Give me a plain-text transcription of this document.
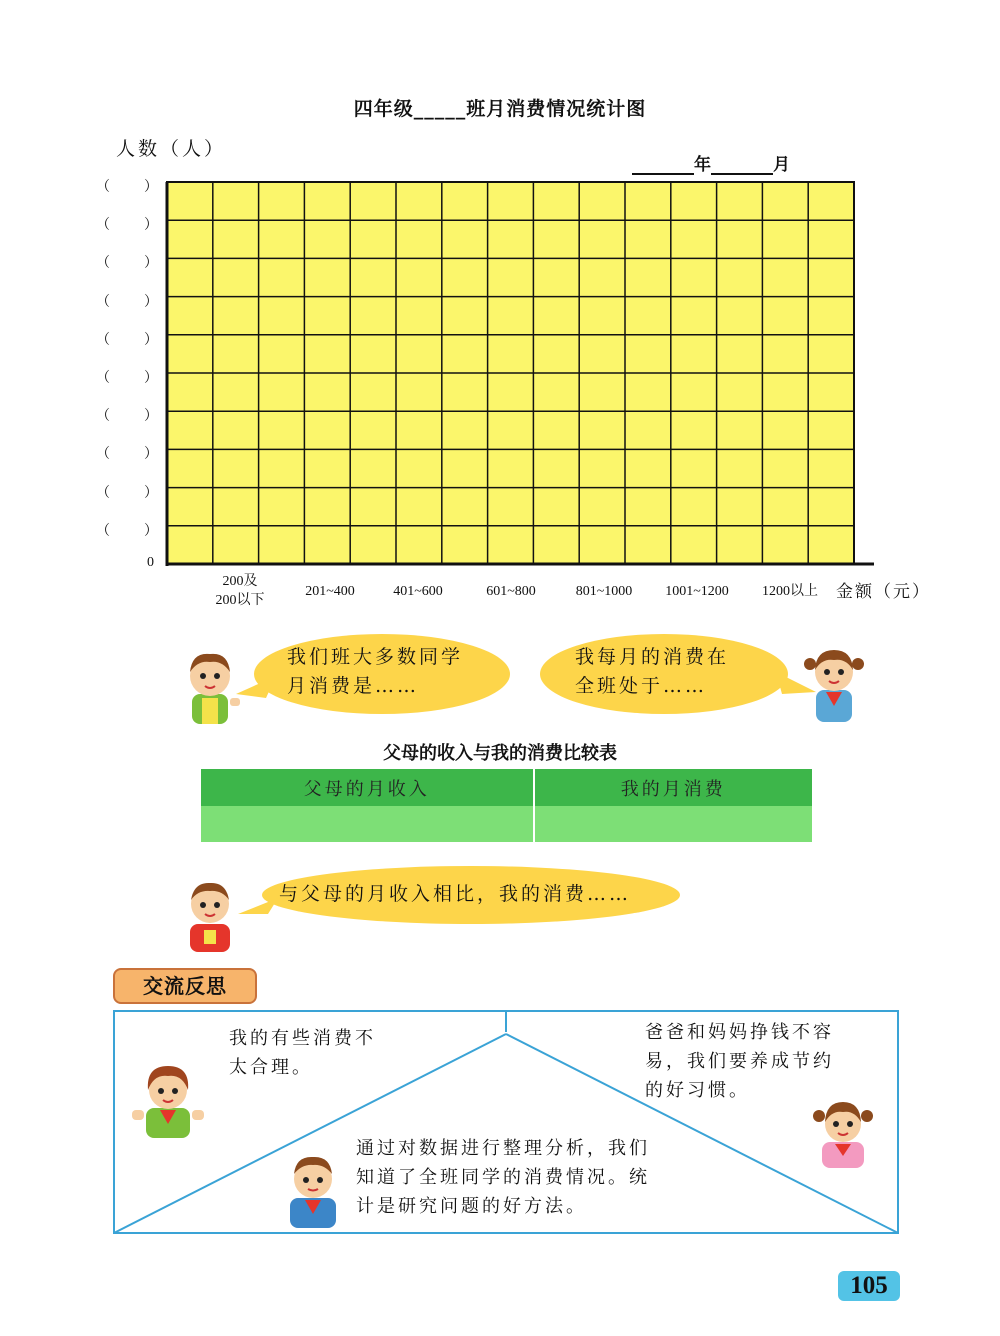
四年级_____班月消费情况统计图
人数（人）
年	月
（ ）
（ ）
（ ）
（ ）
（ ）
（ ）
（ ）
（ ）
（ ）
（ ）
0
200及
200以下
201~400	401~600	601~800	801~1000	1001~1200	1200以上	金额（元）
我们班大多数同学
月消费是……
我每月的消费在
全班处于……
父母的收入与我的消费比较表
父母的月收入	我的月消费

与父母的月收入相比，我的消费……
交流反思
我的有些消费不
太合理。
爸爸和妈妈挣钱不容
易，我们要养成节约
的好习惯。
通过对数据进行整理分析，我们
知道了全班同学的消费情况。统
计是研究问题的好方法。
105
